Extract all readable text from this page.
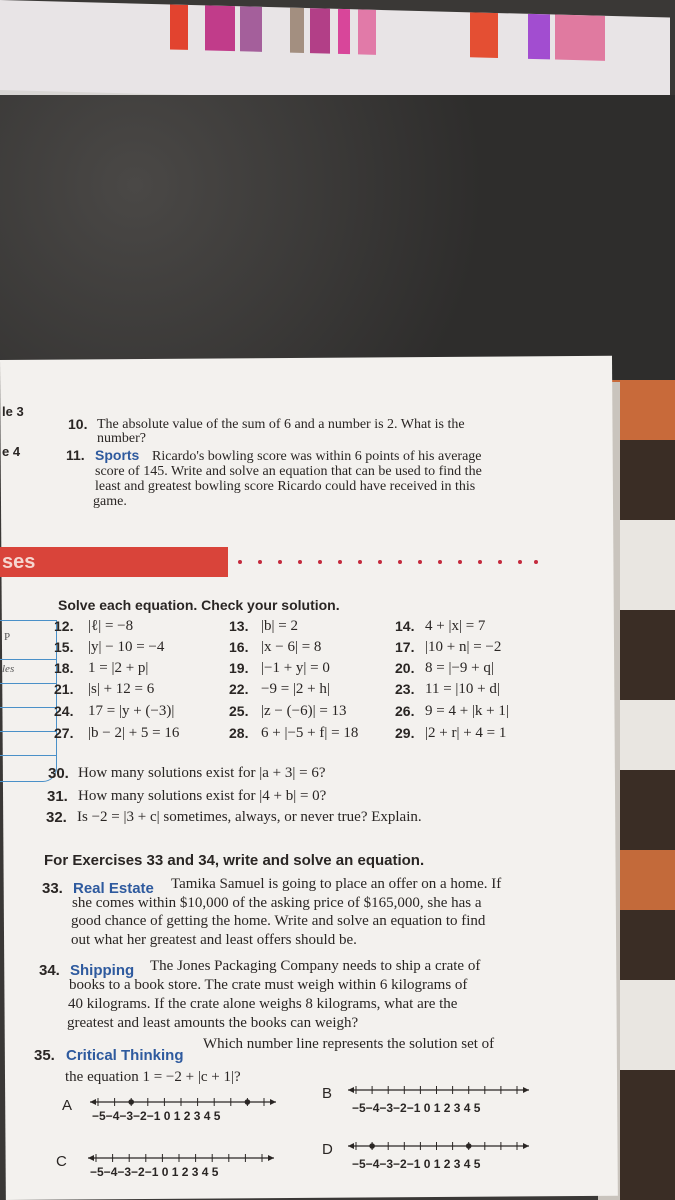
le 3
e 4
10. The absolute value of the sum of 6 and a number is 2. What is the
number?
11. Sports Ricardo's bowling score was within 6 points of his average
score of 145. Write and solve an equation that can be used to find the
least and greatest bowling score Ricardo could have received in this
game.
ses
P
les
Solve each equation. Check your solution.
12. |ℓ| = −8	13. |b| = 2	14. 4 + |x| = 7
15. |y| − 10 = −4	16. |x − 6| = 8	17. |10 + n| = −2
18. 1 = |2 + p|	19. |−1 + y| = 0	20. 8 = |−9 + q|
21. |s| + 12 = 6	22. −9 = |2 + h|	23. 11 = |10 + d|
24. 17 = |y + (−3)|	25. |z − (−6)| = 13	26. 9 = 4 + |k + 1|
27. |b − 2| + 5 = 16	28. 6 + |−5 + f| = 18	29. |2 + r| + 4 = 1
30. How many solutions exist for |a + 3| = 6?
31. How many solutions exist for |4 + b| = 0?
32. Is −2 = |3 + c| sometimes, always, or never true? Explain.
For Exercises 33 and 34, write and solve an equation.
33. Real Estate Tamika Samuel is going to place an offer on a home. If
she comes within $10,000 of the asking price of $165,000, she has a
good chance of getting the home. Write and solve an equation to find
out what her greatest and least offers should be.
34. Shipping The Jones Packaging Company needs to ship a crate of
books to a book store. The crate must weigh within 6 kilograms of
40 kilograms. If the crate alone weighs 8 kilograms, what are the
greatest and least amounts the books can weigh?
35. Critical Thinking
Which number line represents the solution set of
the equation 1 = −2 + |c + 1|?
A
B
C
D
−5−4−3−2−1 0 1 2 3 4 5
−5−4−3−2−1 0 1 2 3 4 5
−5−4−3−2−1 0 1 2 3 4 5
−5−4−3−2−1 0 1 2 3 4 5
